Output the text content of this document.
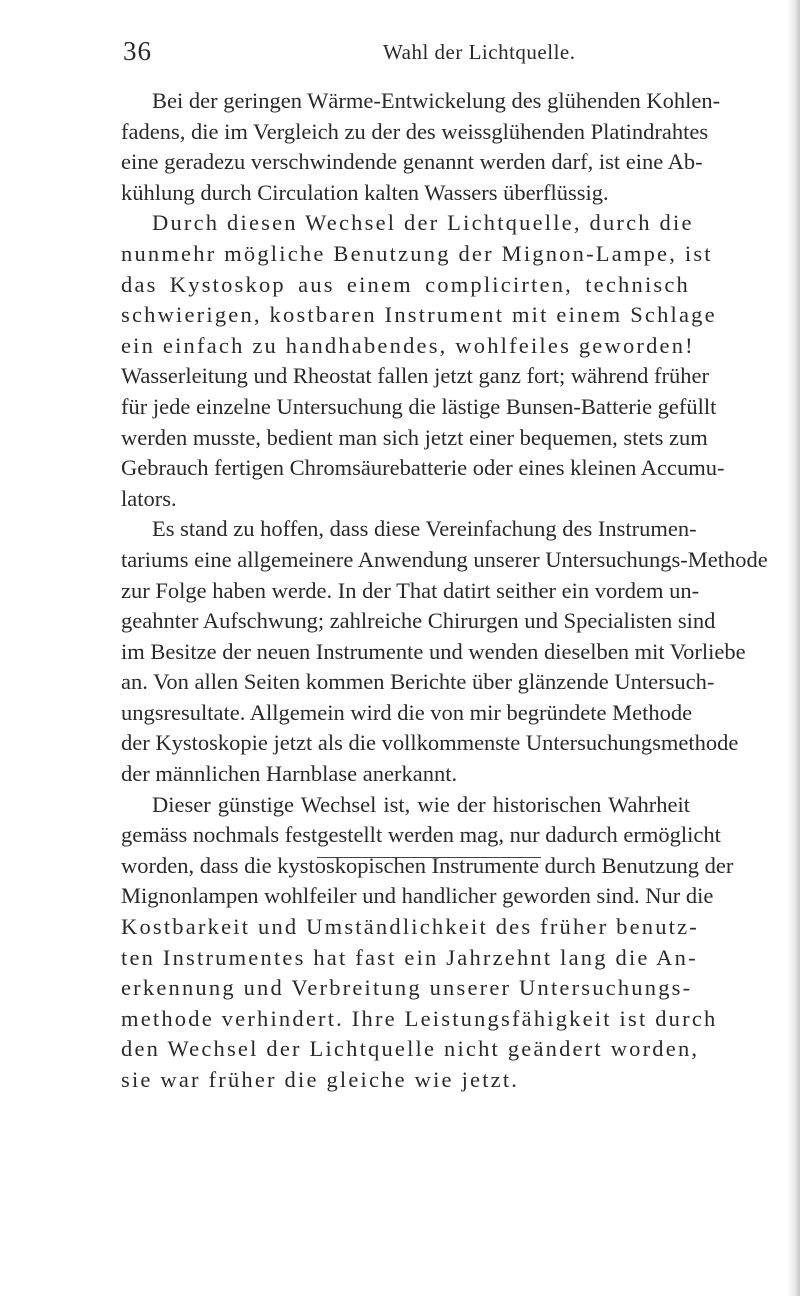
36	Wahl der Lichtquelle.
Bei der geringen Wärme-Entwickelung des glühenden Kohlen-
fadens, die im Vergleich zu der des weissglühenden Platindrahtes
eine geradezu verschwindende genannt werden darf, ist eine Ab-
kühlung durch Circulation kalten Wassers überflüssig.
Durch diesen Wechsel der Lichtquelle, durch die
nunmehr mögliche Benutzung der Mignon-Lampe, ist
das Kystoskop aus einem complicirten, technisch
schwierigen, kostbaren Instrument mit einem Schlage
ein einfach zu handhabendes, wohlfeiles geworden!
Wasserleitung und Rheostat fallen jetzt ganz fort; während früher
für jede einzelne Untersuchung die lästige Bunsen-Batterie gefüllt
werden musste, bedient man sich jetzt einer bequemen, stets zum
Gebrauch fertigen Chromsäurebatterie oder eines kleinen Accumu-
lators.
Es stand zu hoffen, dass diese Vereinfachung des Instrumen-
tariums eine allgemeinere Anwendung unserer Untersuchungs-Methode
zur Folge haben werde. In der That datirt seither ein vordem un-
geahnter Aufschwung; zahlreiche Chirurgen und Specialisten sind
im Besitze der neuen Instrumente und wenden dieselben mit Vorliebe
an. Von allen Seiten kommen Berichte über glänzende Untersuch-
ungsresultate. Allgemein wird die von mir begründete Methode
der Kystoskopie jetzt als die vollkommenste Untersuchungsmethode
der männlichen Harnblase anerkannt.
Dieser günstige Wechsel ist, wie der historischen Wahrheit
gemäss nochmals festgestellt werden mag, nur dadurch ermöglicht
worden, dass die kystoskopischen Instrumente durch Benutzung der
Mignonlampen wohlfeiler und handlicher geworden sind. Nur die
Kostbarkeit und Umständlichkeit des früher benutz-
ten Instrumentes hat fast ein Jahrzehnt lang die An-
erkennung und Verbreitung unserer Untersuchungs-
methode verhindert. Ihre Leistungsfähigkeit ist durch
den Wechsel der Lichtquelle nicht geändert worden,
sie war früher die gleiche wie jetzt.
